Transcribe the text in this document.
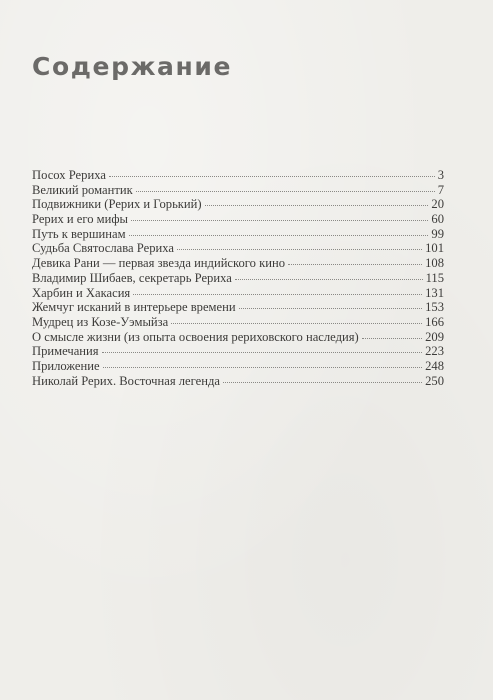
Содержание
Посох Рериха	3
Великий романтик	7
Подвижники (Рерих и Горький)	20
Рерих и его мифы	60
Путь к вершинам	99
Судьба Святослава Рериха	101
Девика Рани — первая звезда индийского кино	108
Владимир Шибаев, секретарь Рериха	115
Харбин и Хакасия	131
Жемчуг исканий в интерьере времени	153
Мудрец из Козе-Уэмыйза	166
О смысле жизни (из опыта освоения рериховского наследия)	209
Примечания	223
Приложение	248
Николай Рерих. Восточная легенда	250
